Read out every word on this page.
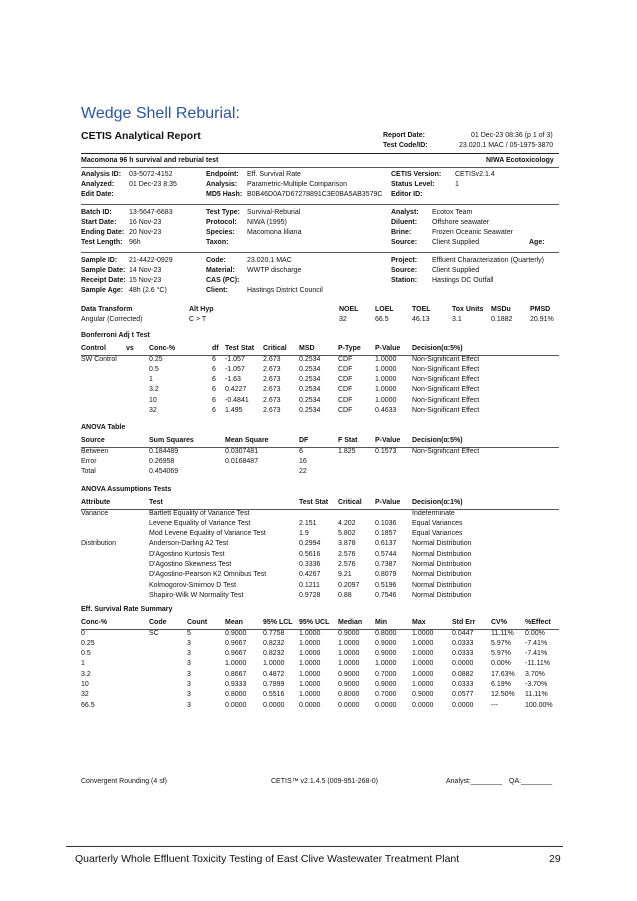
Wedge Shell Reburial:
CETIS Analytical Report	Report Date:	01 Dec-23 08:36 (p 1 of 3)
Test Code/ID:	23.020.1 MAC / 05-1975-3870
Macomona 96 h survival and reburial test	NIWA Ecotoxicology
Analysis ID: 03-5072-4152
Analyzed: 01 Dec-23 8:35
Edit Date:
Endpoint: Eff. Survival Rate
Analysis: Parametric-Multiple Comparison
MD5 Hash: B0B46D0A7D67278891C3E0BA5AB3579C
CETIS Version: CETISv2.1.4
Status Level:	1
Editor ID:
Batch ID: 13-5647-6683
Start Date: 16 Nov-23
Ending Date: 20 Nov-23
Test Length: 96h
Test Type: Survival-Reburial
Protocol: NIWA (1995)
Species: Macomona liliana
Taxon:
Analyst: Ecotox Team
Diluent: Offshore seawater
Brine:	Frozen Oceanic Seawater
Source: Client Supplied	Age:
Sample ID: 21-4422-0929
Sample Date: 14 Nov-23
Receipt Date: 15 Nov-23
Sample Age: 48h (2.6 °C)
Code:	23.020.1 MAC
Material: WWTP discharge
CAS (PC):
Client:	Hastings District Council
Project: Effluent Characterization (Quarterly)
Source: Client Supplied
Station: Hastings DC Outfall
Data Transform	Alt Hyp	NOEL LOEL	TOEL	Tox Units MSDu	PMSD
Angular (Corrected)	C > T	32	66.5	46.13	3.1	0.1882	20.91%
Bonferroni Adj t Test
Control	vs Conc-%	df Test Stat Critical MSD	P-Type P-Value Decision(α:5%)
SW Control	0.25	6 -1.057	2.673	0.2534	CDF	1.0000 Non-Significant Effect
0.5	6 -1.057	2.673	0.2534	CDF	1.0000 Non-Significant Effect
1	6 -1.63	2.673	0.2534	CDF	1.0000 Non-Significant Effect
3.2	6 0.4227 2.673	0.2534	CDF	1.0000 Non-Significant Effect
10	6 -0.4841 2.673	0.2534	CDF	1.0000 Non-Significant Effect
32	6 1.495	2.673	0.2534	CDF	0.4633 Non-Significant Effect
ANOVA Table
Source	Sum Squares	Mean Square	DF	F Stat	P-Value Decision(α:5%)
Between	0.184489	0.0307481	6	1.825	0.1573 Non-Significant Effect
Error	0.26958	0.0168487	16
Total	0.454069	22
ANOVA Assumptions Tests
Attribute	Test	Test Stat Critical P-Value Decision(α:1%)
Variance	Bartlett Equality of Variance Test	Indeterminate
Levene Equality of Variance Test	2.151	4.202	0.1036 Equal Variances
Mod Levene Equality of Variance Test	1.9	5.802	0.1857 Equal Variances
Distribution	Anderson-Darling A2 Test	0.2994	3.878	0.6137 Normal Distribution
D'Agostino Kurtosis Test	0.5616	2.576	0.5744 Normal Distribution
D'Agostino Skewness Test	0.3336	2.576	0.7387 Normal Distribution
D'Agostino-Pearson K2 Omnibus Test	0.4267	9.21	0.8079 Normal Distribution
Kolmogorov-Smirnov D Test	0.1211	0.2097 0.5196 Normal Distribution
Shapiro-Wilk W Normality Test	0.9728	0.88	0.7546 Normal Distribution
Eff. Survival Rate Summary
Conc-%	Code	Count	Mean	95% LCL 95% UCL Median Min	Max	Std Err CV%	%Effect
0	SC	5	0.9000 0.7758 1.0000	0.9000 0.8000 1.0000	0.0447	11.11% 0.00%
0.25	3	0.9667 0.8232 1.0000	1.0000 0.9000 1.0000	0.0333	5.97% -7.41%
0.5	3	0.9667 0.8232 1.0000	1.0000 0.9000 1.0000	0.0333	5.97% -7.41%
1	3	1.0000 1.0000 1.0000	1.0000 1.0000 1.0000	0.0000	0.00% -11.11%
3.2	3	0.8667 0.4872 1.0000	0.9000 0.7000 1.0000	0.0882	17.63% 3.70%
10	3	0.9333 0.7899 1.0000	0.9000 0.9000 1.0000	0.0333	6.19% -3.70%
32	3	0.8000 0.5516 1.0000	0.8000 0.7000 0.9000	0.0577	12.50% 11.11%
66.5	3	0.0000 0.0000 0.0000	0.0000 0.0000 0.0000	0.0000	---	100.00%
Convergent Rounding (4 sf)	CETIS™ v2.1.4.5 (009-951-268-0)	Analyst:________ QA:________
Quarterly Whole Effluent Toxicity Testing of East Clive Wastewater Treatment Plant	29
